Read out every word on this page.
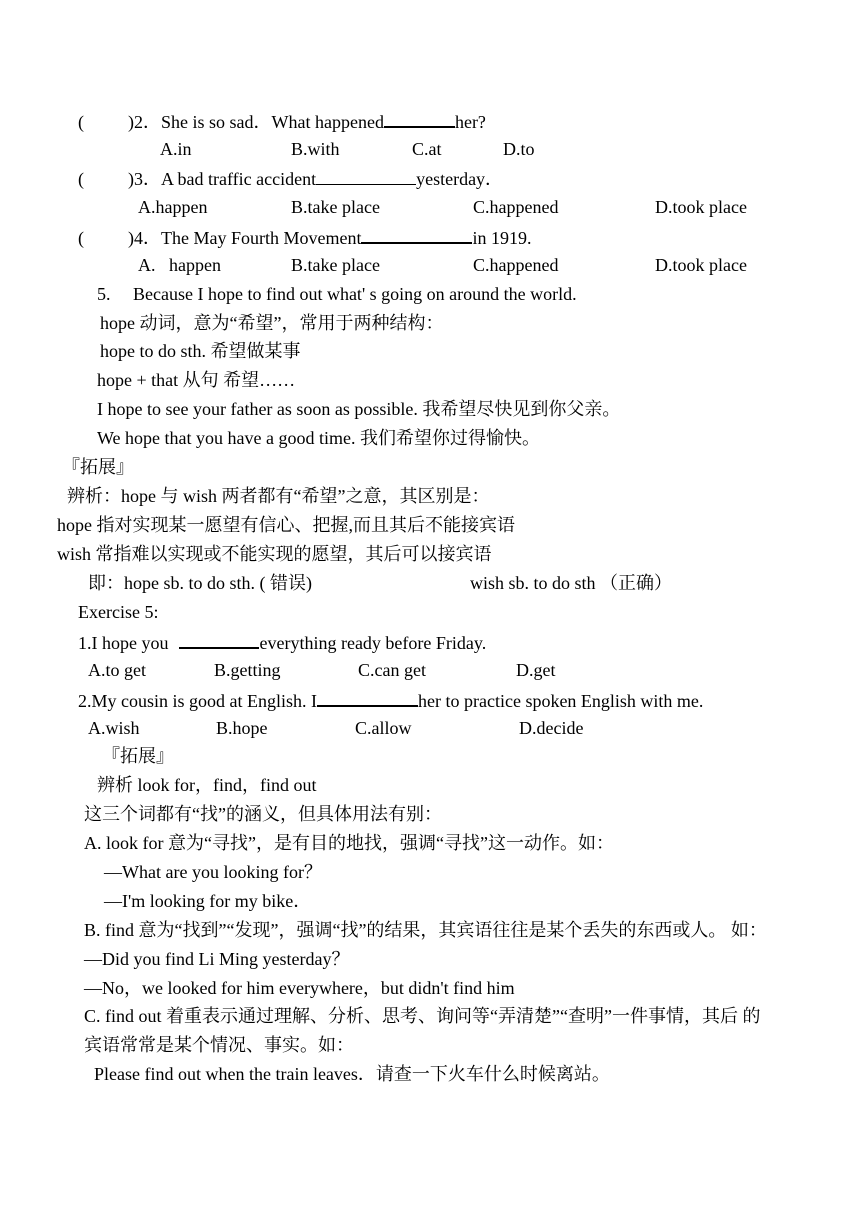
( )2．She is so sad．What happened	her?
A.in	B.with	C.at	D.to
( )3．A bad traffic accident	yesterday．
A.happen	B.take place	C.happened	D.took place
( )4．The May Fourth Movement	in 1919.
A.   happen	B.take place	C.happened	D.took place
5.     Because I hope to find out what' s going on around the world.
hope 动词，意为“希望”，常用于两种结构：
hope to do sth. 希望做某事
hope + that 从句 希望……
I hope to see your father as soon as possible. 我希望尽快见到你父亲。
We hope that you have a good time. 我们希望你过得愉快。
『拓展』
辨析：hope 与 wish 两者都有“希望”之意，其区别是：
hope 指对实现某一愿望有信心、把握,而且其后不能接宾语
wish 常指难以实现或不能实现的愿望，其后可以接宾语
即：hope sb. to do sth. ( 错误)	wish sb. to do sth （正确）
Exercise 5:
1.I hope you	everything ready before Friday.
A.to get	B.getting	C.can get	D.get
2.My cousin is good at English. I	her to practice spoken English with me.
A.wish	B.hope	C.allow	D.decide
『拓展』
辨析 look for，find，find out
这三个词都有“找”的涵义，但具体用法有别：
A. look for 意为“寻找”，是有目的地找，强调“寻找”这一动作。如：
—What are you looking for？
—I'm looking for my bike．
B. find 意为“找到”“发现”，强调“找”的结果，其宾语往往是某个丢失的东西或人。 如：
—Did you find Li Ming yesterday？
—No，we looked for him everywhere，but didn't find him
C. find out 着重表示通过理解、分析、思考、询问等“弄清楚”“查明”一件事情，其后 的
宾语常常是某个情况、事实。如：
Please find out when the train leaves．请查一下火车什么时候离站。
